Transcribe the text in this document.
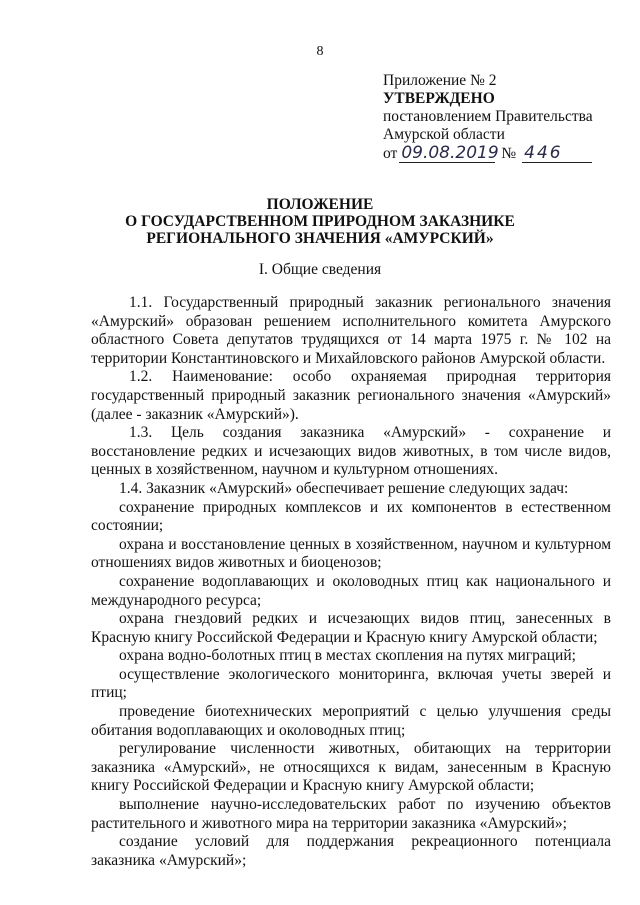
8
Приложение № 2
УТВЕРЖДЕНО
постановлением Правительства
Амурской области
от 09.08.2019 № 446
ПОЛОЖЕНИЕ
О ГОСУДАРСТВЕННОМ ПРИРОДНОМ ЗАКАЗНИКЕ
РЕГИОНАЛЬНОГО ЗНАЧЕНИЯ «АМУРСКИЙ»
I. Общие сведения

1.1. Государственный природный заказник регионального значения «Амурский» образован решением исполнительного комитета Амурского областного Совета депутатов трудящихся от 14 марта 1975 г. № 102 на территории Константиновского и Михайловского районов Амурской области.

1.2. Наименование: особо охраняемая природная территория государственный природный заказник регионального значения «Амурский» (далее - заказник «Амурский»).

1.3. Цель создания заказника «Амурский» - сохранение и восстановление редких и исчезающих видов животных, в том числе видов, ценных в хозяйственном, научном и культурном отношениях.

1.4. Заказник «Амурский» обеспечивает решение следующих задач:

сохранение природных комплексов и их компонентов в естественном состоянии;

охрана и восстановление ценных в хозяйственном, научном и культурном отношениях видов животных и биоценозов;

сохранение водоплавающих и околоводных птиц как национального и международного ресурса;

охрана гнездовий редких и исчезающих видов птиц, занесенных в Красную книгу Российской Федерации и Красную книгу Амурской области;

охрана водно-болотных птиц в местах скопления на путях миграций;

осуществление экологического мониторинга, включая учеты зверей и птиц;

проведение биотехнических мероприятий с целью улучшения среды обитания водоплавающих и околоводных птиц;

регулирование численности животных, обитающих на территории заказника «Амурский», не относящихся к видам, занесенным в Красную книгу Российской Федерации и Красную книгу Амурской области;

выполнение научно-исследовательских работ по изучению объектов растительного и животного мира на территории заказника «Амурский»;

создание условий для поддержания рекреационного потенциала заказника «Амурский»;
